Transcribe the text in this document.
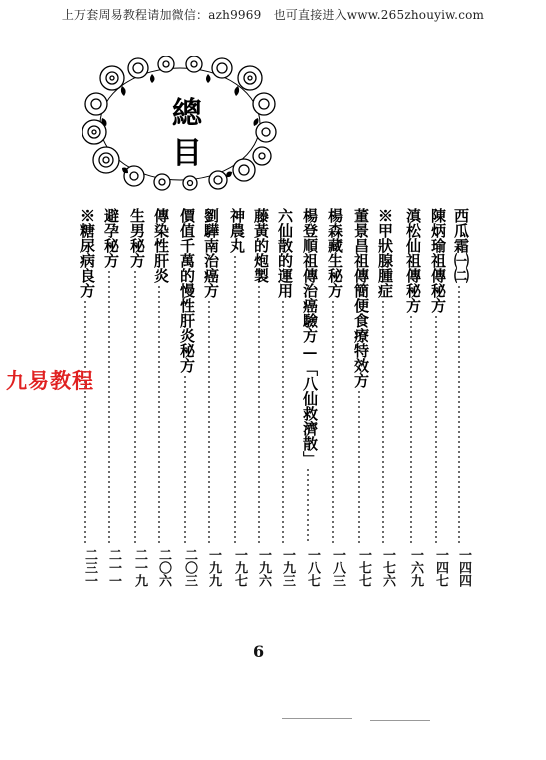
上万套周易教程请加微信：azh9969　也可直接进入www.265zhouyiw.com
總
目
西瓜霜㈠㈡
陳炳瑜祖傳秘方
滇松仙祖傳秘方
※甲狀腺腫症
董景昌祖傳簡便食療特效方
楊森藏生秘方
楊登順祖傳治癌驗方—「八仙救濟散」
六仙散的運用
藤黃的炮製
神農丸
劉驊南治癌方
價值千萬的慢性肝炎秘方
傳染性肝炎
生男秘方
避孕秘方
※糖尿病良方
一四四
一四七
一六九
一七六
一七七
一八三
一八七
一九三
一九六
一九七
一九九
二〇三
二〇六
二一九
二一一
二三一
九易教程
6
